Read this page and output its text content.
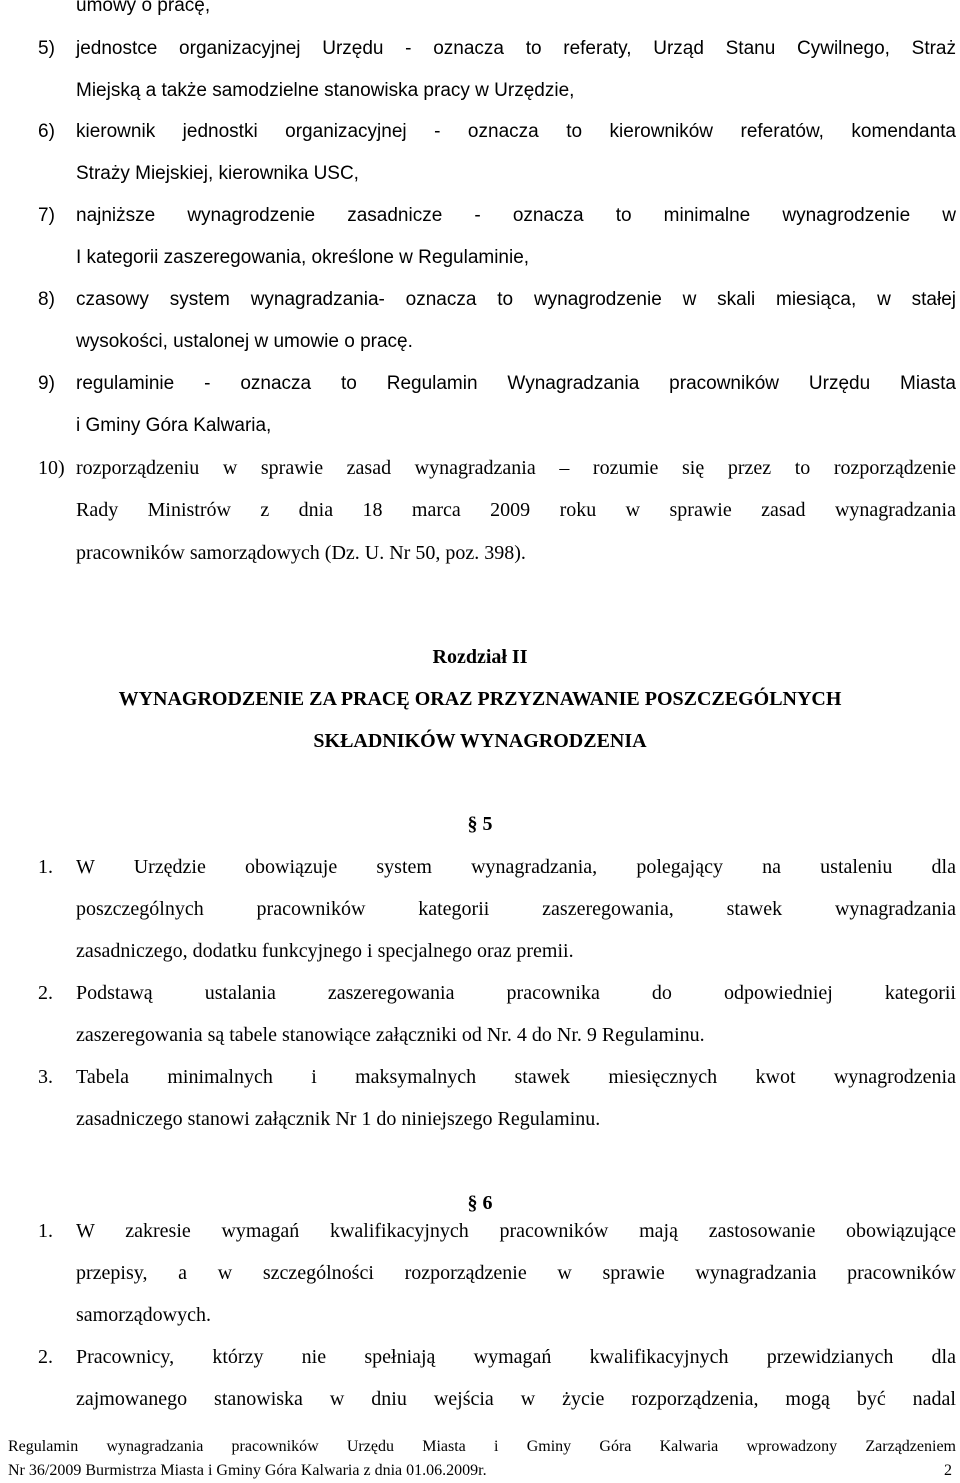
umowy o pracę,
5) jednostce organizacyjnej Urzędu - oznacza to referaty, Urząd Stanu Cywilnego, Straż
Miejską a także samodzielne stanowiska pracy w Urzędzie,
6) kierownik jednostki organizacyjnej - oznacza to kierowników referatów, komendanta
Straży Miejskiej, kierownika USC,
7) najniższe wynagrodzenie zasadnicze - oznacza to minimalne wynagrodzenie w
I kategorii zaszeregowania, określone w Regulaminie,
8) czasowy system wynagradzania- oznacza to wynagrodzenie w skali miesiąca, w stałej
wysokości, ustalonej w umowie o pracę.
9) regulaminie - oznacza to Regulamin Wynagradzania pracowników Urzędu Miasta
i Gminy Góra Kalwaria,
10) rozporządzeniu w sprawie zasad wynagradzania – rozumie się przez to rozporządzenie
Rady Ministrów z dnia 18 marca 2009 roku w sprawie zasad wynagradzania
pracowników samorządowych (Dz. U. Nr 50, poz. 398).
Rozdział II
WYNAGRODZENIE ZA PRACĘ ORAZ PRZYZNAWANIE POSZCZEGÓLNYCH
SKŁADNIKÓW WYNAGRODZENIA
§ 5
1. W Urzędzie obowiązuje system wynagradzania, polegający na ustaleniu dla
poszczególnych pracowników kategorii zaszeregowania, stawek wynagradzania
zasadniczego, dodatku funkcyjnego i specjalnego oraz premii.
2. Podstawą ustalania zaszeregowania pracownika do odpowiedniej kategorii
zaszeregowania są tabele stanowiące załączniki od Nr. 4 do Nr. 9 Regulaminu.
3. Tabela minimalnych i maksymalnych stawek miesięcznych kwot wynagrodzenia
zasadniczego stanowi załącznik Nr 1 do niniejszego Regulaminu.
§ 6
1. W zakresie wymagań kwalifikacyjnych pracowników mają zastosowanie obowiązujące
przepisy, a w szczególności rozporządzenie w sprawie wynagradzania pracowników
samorządowych.
2. Pracownicy, którzy nie spełniają wymagań kwalifikacyjnych przewidzianych dla
zajmowanego stanowiska w dniu wejścia w życie rozporządzenia, mogą być nadal
Regulamin wynagradzania pracowników Urzędu Miasta i Gminy Góra Kalwaria wprowadzony Zarządzeniem
Nr 36/2009 Burmistrza Miasta i Gminy Góra Kalwaria z dnia 01.06.2009r.	2
